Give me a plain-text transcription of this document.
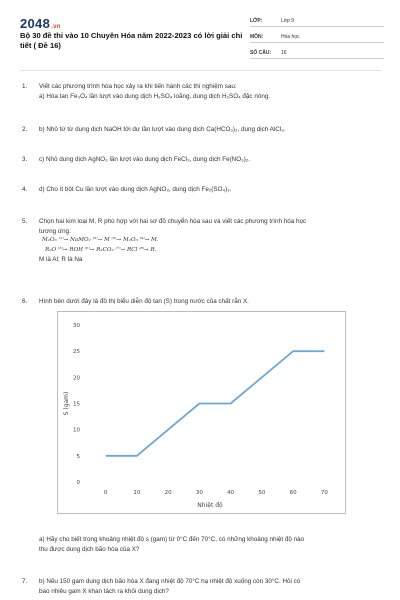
2048.vn
Bộ 30 đề thi vào 10 Chuyên Hóa năm 2022-2023 có lời giải chi tiết ( Đề 16)
LỚP:	Lớp 9
MÔN:	Hóa học
SỐ CÂU:	16
1.	Viết các phương trình hóa học xảy ra khi tiến hành các thí nghiệm sau:
a) Hòa tan Fe₃O₄ lần lượt vào dung dịch H₂SO₄ loãng, dung dịch H₂SO₄ đặc nóng.
2.	b) Nhỏ từ từ dung dịch NaOH tới dư lần lượt vào dung dịch Ca(HCO₃)₂, dung dịch AlCl₃.
3.	c) Nhỏ dung dịch AgNO₃ lần lượt vào dung dịch FeCl₃, dung dịch Fe(NO₃)₂.
4.	d) Cho ít bột Cu lần lượt vào dung dịch AgNO₃, dung dịch Fe₂(SO₄)₃.
5.	Chọn hai kim loại M, R phù hợp với hai sơ đồ chuyển hóa sau và viết các phương trình hóa học
tương ứng.
M₂O₃ ⁽¹⁾→ NaMO₂ ⁽²⁾→ M ⁽³⁾→ M₂O₃ ⁽⁴⁾→ M.
R₂O ⁽⁵⁾→ ROH ⁽⁶⁾→ R₂CO₃ ⁽⁷⁾→ RCl ⁽⁸⁾→ R.
M là Al; R là Na
6.	Hình bên dưới đây là đồ thị biểu diễn độ tan (S) trong nước của chất rắn X.
0
5
10
15
20
25
30
0	10	20	30	40	50	60	70
Nhiệt độ
S (gam)
a) Hãy cho biết trong khoảng nhiệt độ s (gam) từ 0°C đến 70°C, có những khoảng nhiệt độ nào
thu được dung dịch bão hòa của X?
7.	b) Nếu 150 gam dung dịch bão hòa X đang nhiệt độ 70°C hạ nhiệt độ xuống còn 30°C. Hỏi có
bao nhiêu gam X khan tách ra khỏi dung dịch?
